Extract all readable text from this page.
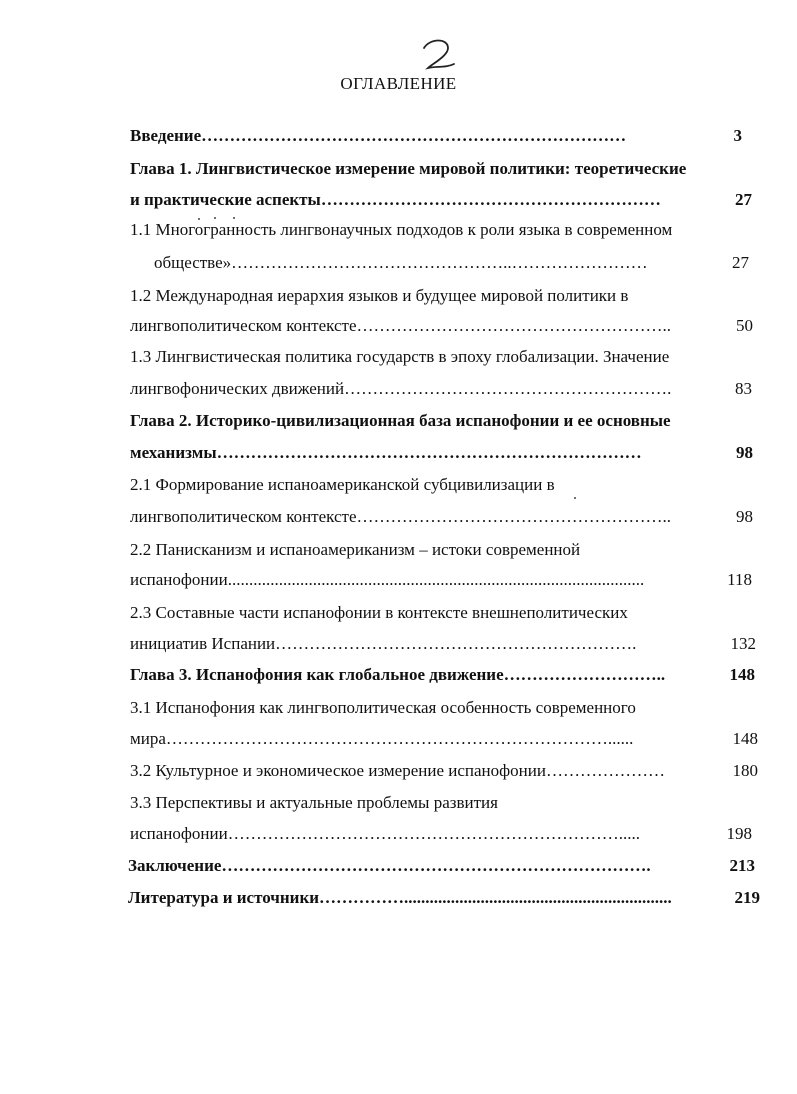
ОГЛАВЛЕНИЕ
Введение …………………………………………………………………	3
Глава 1. Лингвистическое измерение мировой политики: теоретические
и практические аспекты ……………………………………………………	27
1.1 Многогранность лингвонаучных подходов к роли языка в современном
обществе» …………………………………………..……………………	27
1.2 Международная иерархия языков и будущее мировой политики в
лингвополитическом контексте ………………………………………………..	50
1.3 Лингвистическая политика государств в эпоху глобализации. Значение
лингвофонических движений ………………………………………………….	83
Глава 2. Историко-цивилизационная база испанофонии и ее основные
механизмы …………………………………………………………………	98
2.1 Формирование испаноамериканской субцивилизации в
лингвополитическом контексте ………………………………………………..	98
2.2 Панисканизм и испаноамериканизм – истоки современной
испанофонии ..................................................................................................	118
2.3 Составные части испанофонии в контексте внешнеполитических
инициатив Испании ……………………………………………………….	132
Глава 3. Испанофония как глобальное движение ………………………..	148
3.1 Испанофония как лингвополитическая особенность современного
мира ……………………………………………………………………......	148
3.2 Культурное и экономическое измерение испанофонии …………………	180
3.3 Перспективы и актуальные проблемы развития
испанофонии …………………………………………………………….....	198
Заключение ………………………………………………………………….	213
Литература и источники ……………...............................................................	219
